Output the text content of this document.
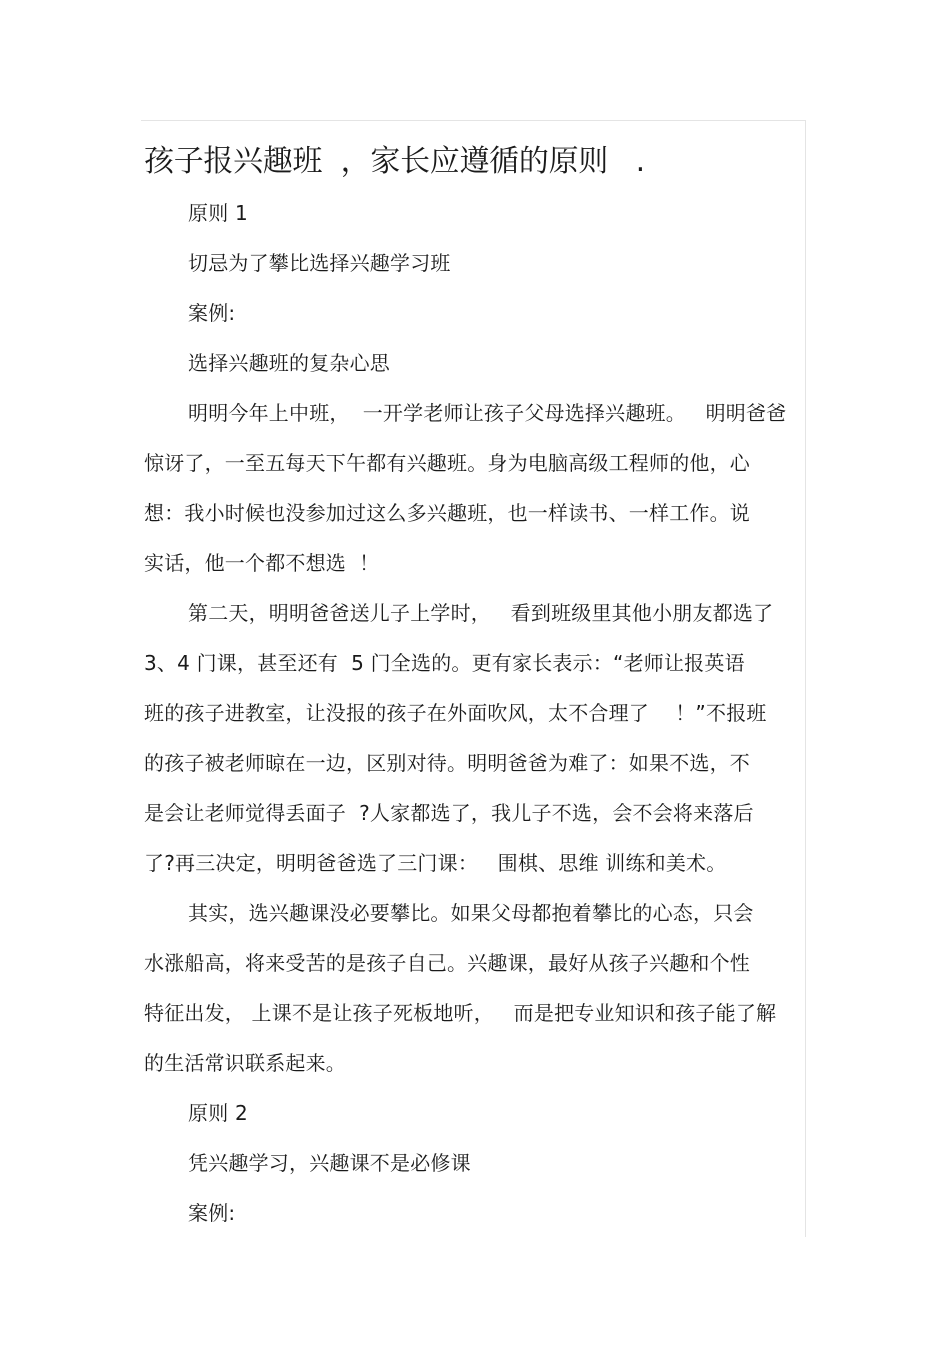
孩子报兴趣班  ，家长应遵循的原则   .
原则 1
切忌为了攀比选择兴趣学习班
案例:
选择兴趣班的复杂心思
明明今年上中班，  一开学老师让孩子父母选择兴趣班。   明明爸爸
惊讶了，一至五每天下午都有兴趣班。身为电脑高级工程师的他，心
想：我小时候也没参加过这么多兴趣班，也一样读书、一样工作。说
实话，他一个都不想选  ！
第二天，明明爸爸送儿子上学时，   看到班级里其他小朋友都选了
3、4 门课，甚至还有  5 门全选的。更有家长表示：“老师让报英语
班的孩子进教室，让没报的孩子在外面吹风，太不合理了    ！”不报班
的孩子被老师晾在一边，区别对待。明明爸爸为难了：如果不选，不
是会让老师觉得丢面子  ?人家都选了，我儿子不选，会不会将来落后
了?再三决定，明明爸爸选了三门课：   围棋、思维 训练和美术。
其实，选兴趣课没必要攀比。如果父母都抱着攀比的心态，只会
水涨船高，将来受苦的是孩子自己。兴趣课，最好从孩子兴趣和个性
特征出发， 上课不是让孩子死板地听，   而是把专业知识和孩子能了解
的生活常识联系起来。
原则 2
凭兴趣学习，兴趣课不是必修课
案例:
